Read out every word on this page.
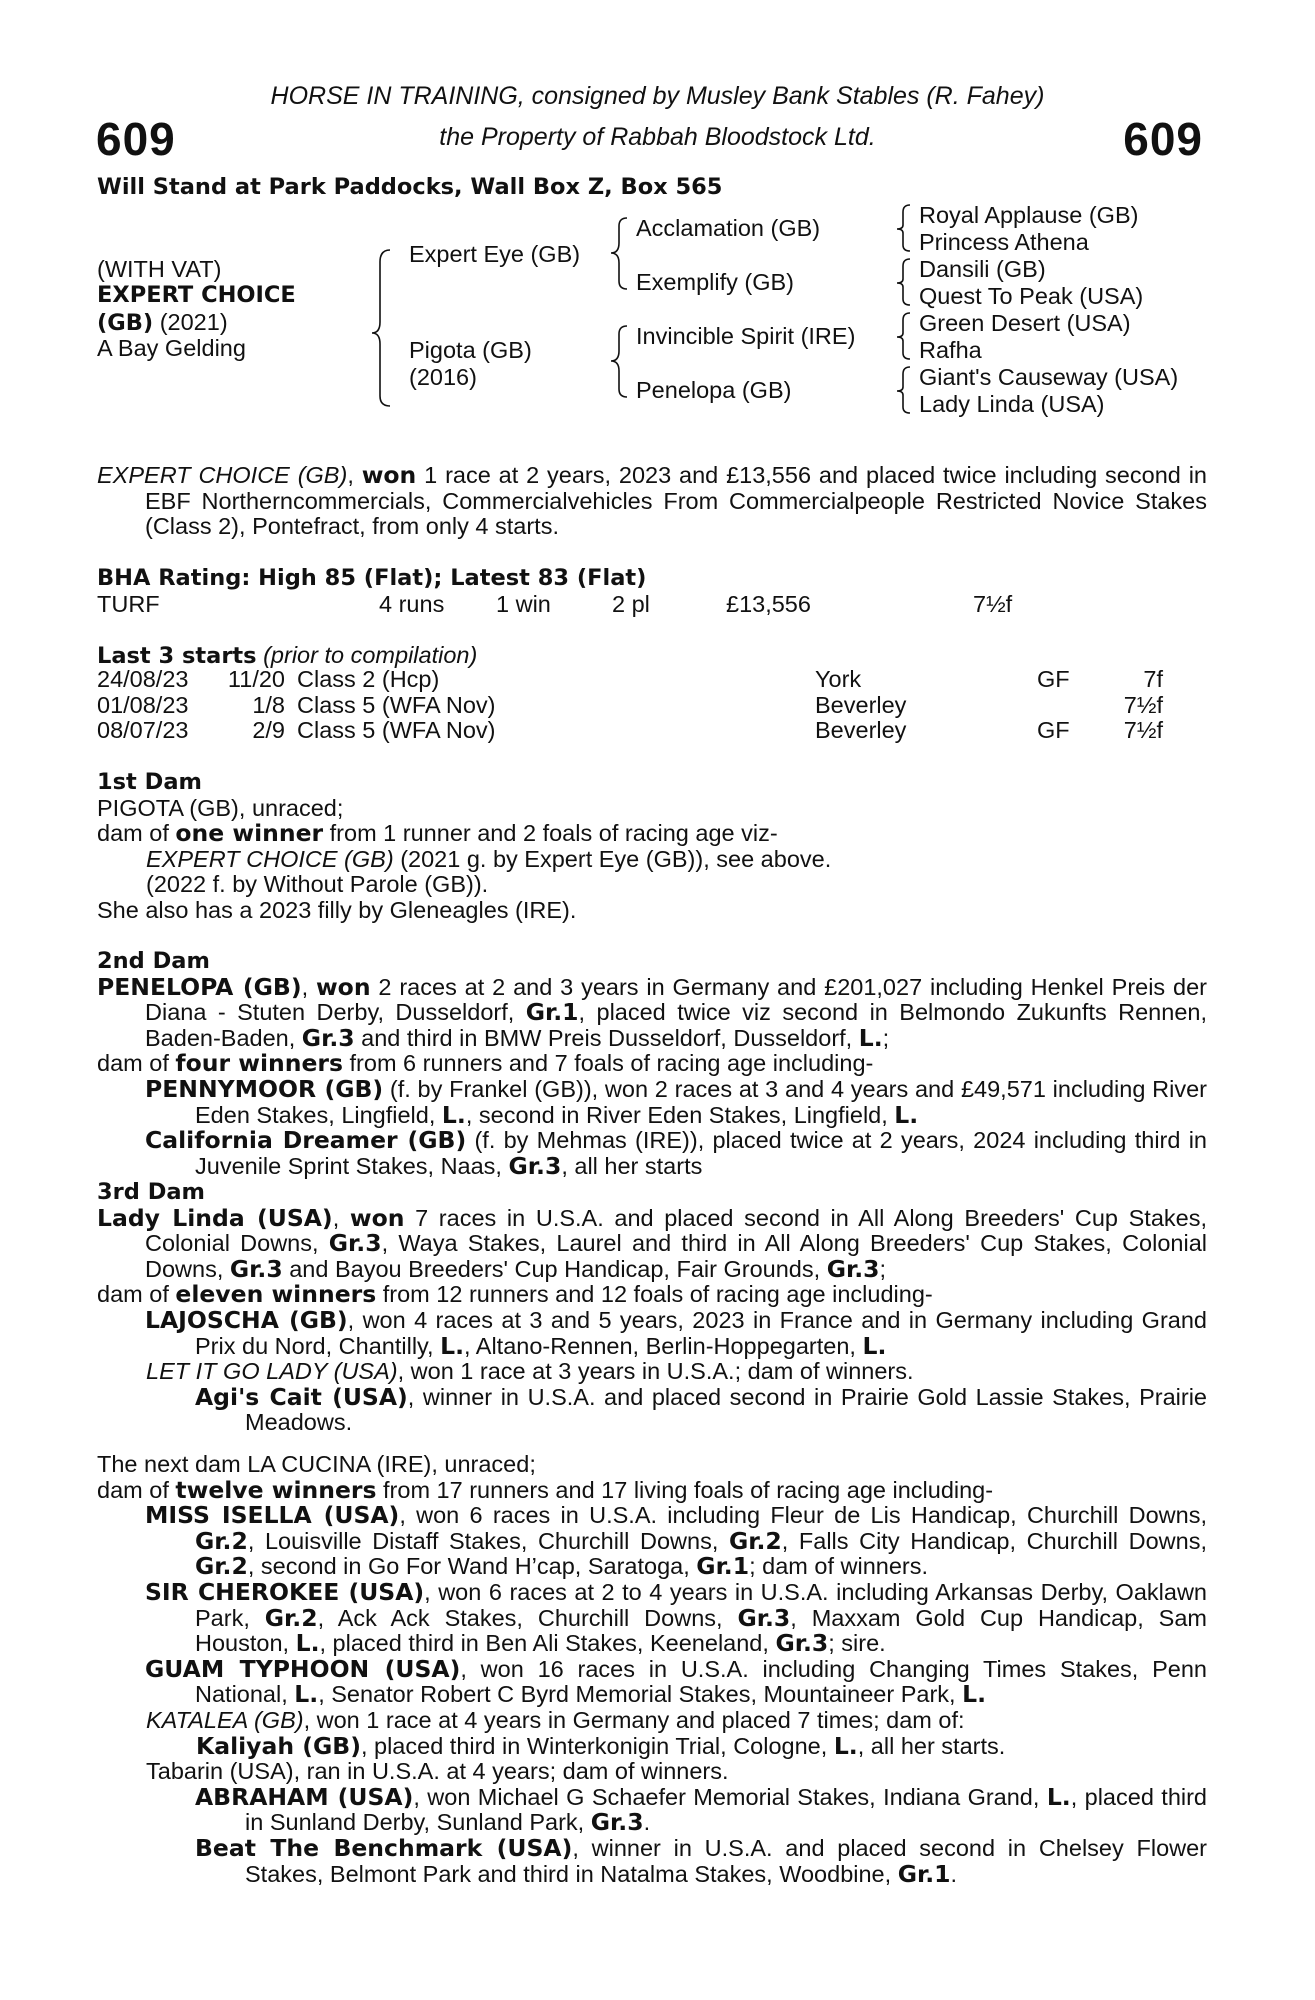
609	609
HORSE IN TRAINING, consigned by Musley Bank Stables (R. Fahey)
the Property of Rabbah Bloodstock Ltd.
Will Stand at Park Paddocks, Wall Box Z, Box 565
(WITH VAT)
EXPERT CHOICE
(GB) (2021)
A Bay Gelding
Expert Eye (GB)
Pigota (GB)
(2016)
Acclamation (GB)
Exemplify (GB)
Invincible Spirit (IRE)
Penelopa (GB)
Royal Applause (GB)
Princess Athena
Dansili (GB)
Quest To Peak (USA)
Green Desert (USA)
Rafha
Giant's Causeway (USA)
Lady Linda (USA)

EXPERT CHOICE (GB), won 1 race at 2 years, 2023 and £13,556 and placed twice including second in EBF Northerncommercials, Commercialvehicles From Commercialpeople Restricted Novice Stakes (Class 2), Pontefract, from only 4 starts.

BHA Rating: High 85 (Flat); Latest 83 (Flat)
TURF	4 runs 1 win	2 pl	£13,556	7½f
Last 3 starts (prior to compilation)
24/08/23	11/20	Class 2 (Hcp)	York	GF	7f
01/08/23	1/8	Class 5 (WFA Nov)	Beverley		7½f
08/07/23	2/9	Class 5 (WFA Nov)	Beverley	GF	7½f

1st Dam

PIGOTA (GB), unraced;

dam of one winner from 1 runner and 2 foals of racing age viz-

EXPERT CHOICE (GB) (2021 g. by Expert Eye (GB)), see above.

(2022 f. by Without Parole (GB)).

She also has a 2023 filly by Gleneagles (IRE).

2nd Dam

PENELOPA (GB), won 2 races at 2 and 3 years in Germany and £201,027 including Henkel Preis der Diana - Stuten Derby, Dusseldorf, Gr.1, placed twice viz second in Belmondo Zukunfts Rennen, Baden-Baden, Gr.3 and third in BMW Preis Dusseldorf, Dusseldorf, L.;

dam of four winners from 6 runners and 7 foals of racing age including-

PENNYMOOR (GB) (f. by Frankel (GB)), won 2 races at 3 and 4 years and £49,571 including River Eden Stakes, Lingfield, L., second in River Eden Stakes, Lingfield, L.

California Dreamer (GB) (f. by Mehmas (IRE)), placed twice at 2 years, 2024 including third in Juvenile Sprint Stakes, Naas, Gr.3, all her starts

3rd Dam

Lady Linda (USA), won 7 races in U.S.A. and placed second in All Along Breeders' Cup Stakes, Colonial Downs, Gr.3, Waya Stakes, Laurel and third in All Along Breeders' Cup Stakes, Colonial Downs, Gr.3 and Bayou Breeders' Cup Handicap, Fair Grounds, Gr.3;

dam of eleven winners from 12 runners and 12 foals of racing age including-

LAJOSCHA (GB), won 4 races at 3 and 5 years, 2023 in France and in Germany including Grand Prix du Nord, Chantilly, L., Altano-Rennen, Berlin-Hoppegarten, L.

LET IT GO LADY (USA), won 1 race at 3 years in U.S.A.; dam of winners.

Agi's Cait (USA), winner in U.S.A. and placed second in Prairie Gold Lassie Stakes, Prairie Meadows.

The next dam LA CUCINA (IRE), unraced;

dam of twelve winners from 17 runners and 17 living foals of racing age including-

MISS ISELLA (USA), won 6 races in U.S.A. including Fleur de Lis Handicap, Churchill Downs, Gr.2, Louisville Distaff Stakes, Churchill Downs, Gr.2, Falls City Handicap, Churchill Downs, Gr.2, second in Go For Wand H’cap, Saratoga, Gr.1; dam of winners.

SIR CHEROKEE (USA), won 6 races at 2 to 4 years in U.S.A. including Arkansas Derby, Oaklawn Park, Gr.2, Ack Ack Stakes, Churchill Downs, Gr.3, Maxxam Gold Cup Handicap, Sam Houston, L., placed third in Ben Ali Stakes, Keeneland, Gr.3; sire.

GUAM TYPHOON (USA), won 16 races in U.S.A. including Changing Times Stakes, Penn National, L., Senator Robert C Byrd Memorial Stakes, Mountaineer Park, L.

KATALEA (GB), won 1 race at 4 years in Germany and placed 7 times; dam of:

Kaliyah (GB), placed third in Winterkonigin Trial, Cologne, L., all her starts.

Tabarin (USA), ran in U.S.A. at 4 years; dam of winners.

ABRAHAM (USA), won Michael G Schaefer Memorial Stakes, Indiana Grand, L., placed third in Sunland Derby, Sunland Park, Gr.3.

Beat The Benchmark (USA), winner in U.S.A. and placed second in Chelsey Flower Stakes, Belmont Park and third in Natalma Stakes, Woodbine, Gr.1.
